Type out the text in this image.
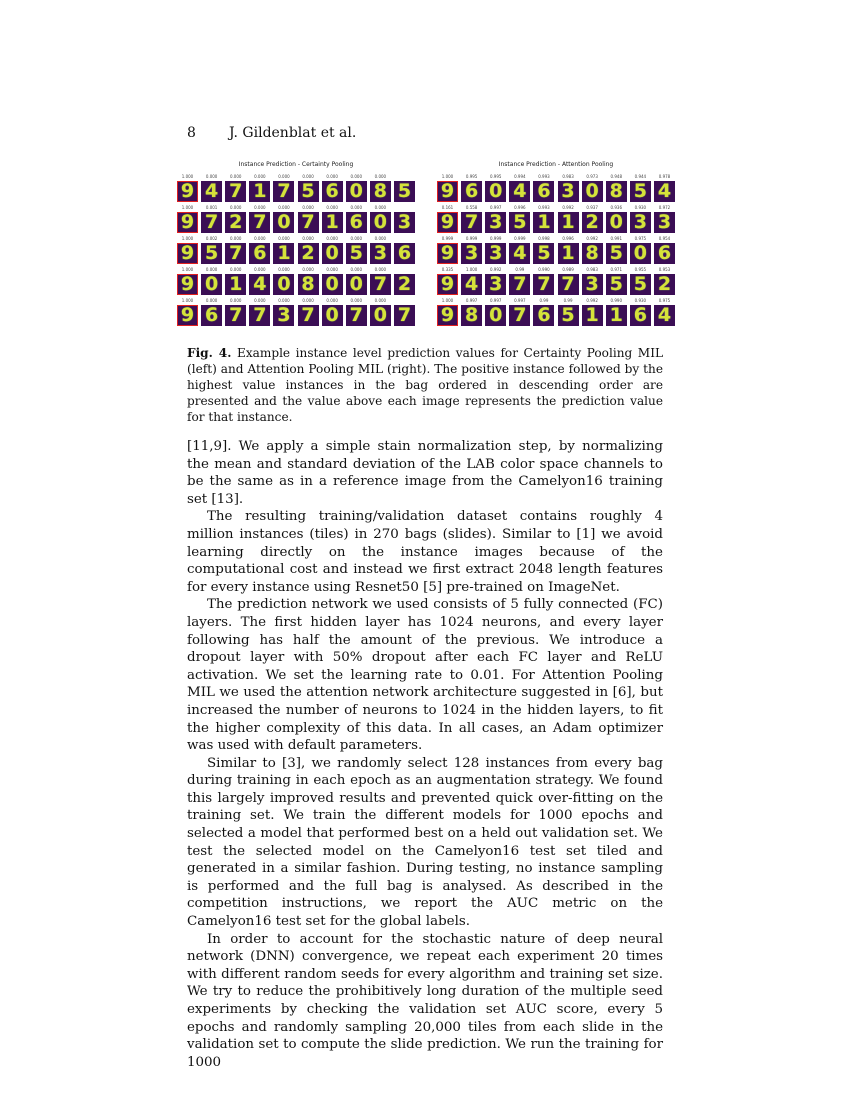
8 J. Gildenblat et al.
Instance Prediction - Certainty Pooling
1.000	0.000	0.000	0.000	0.000	0.000	0.000	0.000	0.000
9 4 7 1 7 5 6 0 8 5
1.000	0.001	0.000	0.000	0.000	0.000	0.000	0.000	0.000
9 7 2 7 0 7 1 6 0 3
1.000	0.002	0.000	0.000	0.000	0.000	0.000	0.000	0.000
9 5 7 6 1 2 0 5 3 6
1.000	0.000	0.000	0.000	0.000	0.000	0.000	0.000	0.000
9 0 1 4 0 8 0 0 7 2
1.000	0.000	0.000	0.000	0.000	0.000	0.000	0.000	0.000
9 6 7 7 3 7 0 7 0 7
Instance Prediction - Attention Pooling
1.000	0.995	0.995	0.994	0.993	0.983	0.973	0.948	0.944	0.978
9 6 0 4 6 3 0 8 5 4
0.161	0.558	0.997	0.996	0.993	0.992	0.937	0.936	0.930	0.972
9 7 3 5 1 1 2 0 3 3
0.999	0.999	0.999	0.999	0.998	0.996	0.992	0.991	0.975	0.954
9 3 3 4 5 1 8 5 0 6
0.335	1.000	0.992	0.99	0.990	0.989	0.983	0.971	0.955	0.953
9 4 3 7 7 7 3 5 5 2
1.000	0.997	0.997	0.997	0.99	0.99	0.992	0.990	0.930	0.975
9 8 0 7 6 5 1 1 6 4
Fig. 4. Example instance level prediction values for Certainty Pooling MIL (left) and Attention Pooling MIL (right). The positive instance followed by the highest value instances in the bag ordered in descending order are presented and the value above each image represents the prediction value for that instance.

[11,9]. We apply a simple stain normalization step, by normalizing the mean and standard deviation of the LAB color space channels to be the same as in a reference image from the Camelyon16 training set [13].

The resulting training/validation dataset contains roughly 4 million instances (tiles) in 270 bags (slides). Similar to [1] we avoid learning directly on the instance images because of the computational cost and instead we first extract 2048 length features for every instance using Resnet50 [5] pre-trained on ImageNet.

The prediction network we used consists of 5 fully connected (FC) layers. The first hidden layer has 1024 neurons, and every layer following has half the amount of the previous. We introduce a dropout layer with 50% dropout after each FC layer and ReLU activation. We set the learning rate to 0.01. For Attention Pooling MIL we used the attention network architecture suggested in [6], but increased the number of neurons to 1024 in the hidden layers, to fit the higher complexity of this data. In all cases, an Adam optimizer was used with default parameters.

Similar to [3], we randomly select 128 instances from every bag during training in each epoch as an augmentation strategy. We found this largely improved results and prevented quick over-fitting on the training set. We train the different models for 1000 epochs and selected a model that performed best on a held out validation set. We test the selected model on the Camelyon16 test set tiled and generated in a similar fashion. During testing, no instance sampling is performed and the full bag is analysed. As described in the competition instructions, we report the AUC metric on the Camelyon16 test set for the global labels.

In order to account for the stochastic nature of deep neural network (DNN) convergence, we repeat each experiment 20 times with different random seeds for every algorithm and training set size. We try to reduce the prohibitively long duration of the multiple seed experiments by checking the validation set AUC score, every 5 epochs and randomly sampling 20,000 tiles from each slide in the validation set to compute the slide prediction. We run the training for 1000
